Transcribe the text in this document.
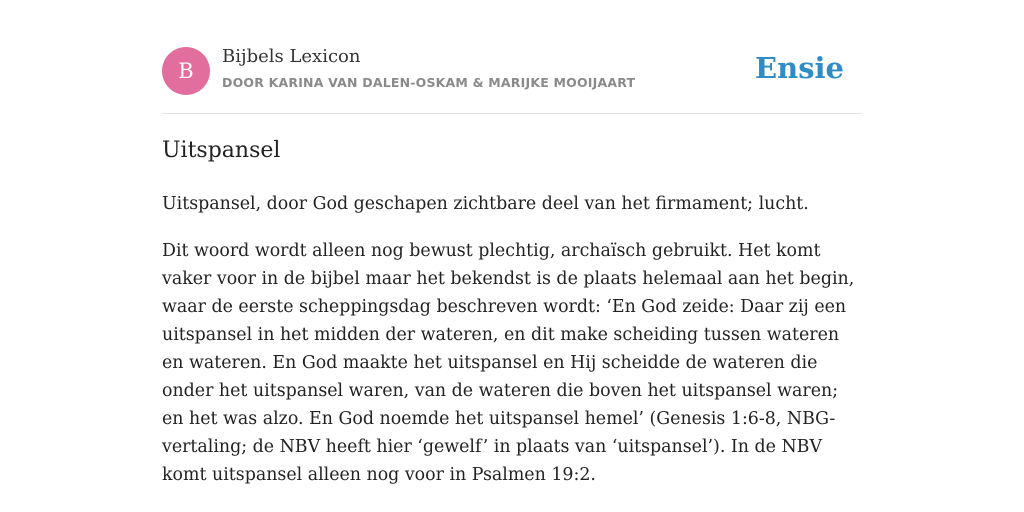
B
Bijbels Lexicon
DOOR KARINA VAN DALEN-OSKAM & MARIJKE MOOIJAART	Ensie
Uitspansel

Uitspansel, door God geschapen zichtbare deel van het firmament; lucht.

Dit woord wordt alleen nog bewust plechtig, archaïsch gebruikt. Het komt vaker voor in de bijbel maar het bekendst is de plaats helemaal aan het begin, waar de eerste scheppingsdag beschreven wordt: ‘En God zeide: Daar zij een uitspansel in het midden der wateren, en dit make scheiding tussen wateren en wateren. En God maakte het uitspansel en Hij scheidde de wateren die onder het uitspansel waren, van de wateren die boven het uitspansel waren; en het was alzo. En God noemde het uitspansel hemel’ (Genesis 1:6-8, NBG-vertaling; de NBV heeft hier ‘gewelf’ in plaats van ‘uitspansel’). In de NBV komt uitspansel alleen nog voor in Psalmen 19:2.
